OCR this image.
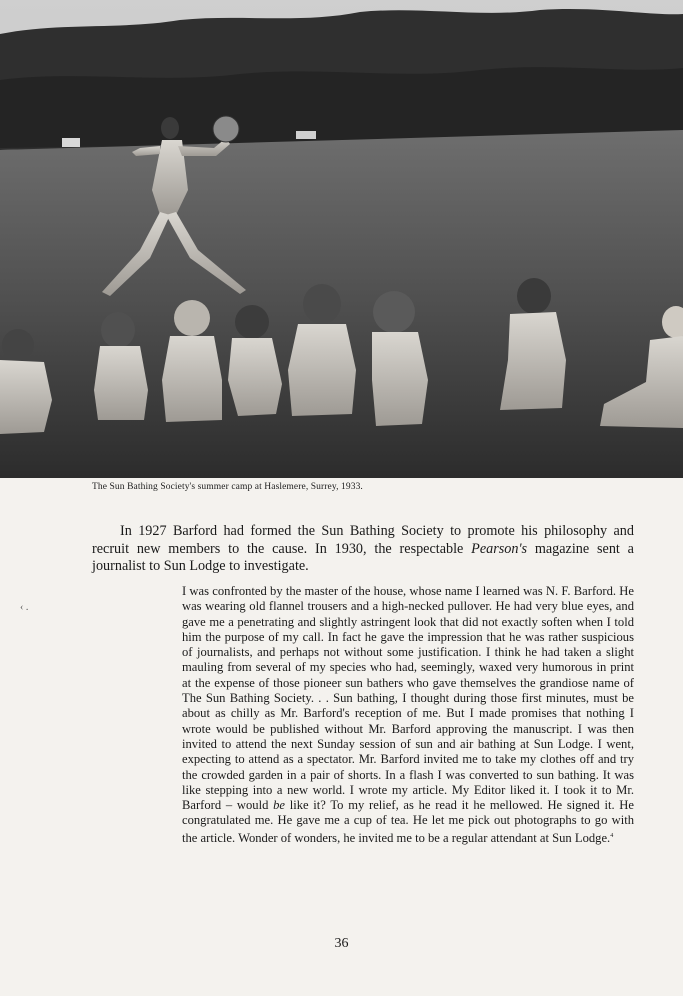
The Sun Bathing Society's summer camp at Haslemere, Surrey, 1933.

In 1927 Barford had formed the Sun Bathing Society to promote his philosophy and recruit new members to the cause. In 1930, the respectable Pearson's magazine sent a journalist to Sun Lodge to investigate.

‹ .

I was confronted by the master of the house, whose name I learned was N. F. Barford. He was wearing old flannel trousers and a high-necked pullover. He had very blue eyes, and gave me a penetrating and slightly astringent look that did not exactly soften when I told him the purpose of my call. In fact he gave the impression that he was rather suspicious of journalists, and perhaps not without some justification. I think he had taken a slight mauling from several of my species who had, seemingly, waxed very humorous in print at the expense of those pioneer sun bathers who gave themselves the grandiose name of The Sun Bathing Society. . . Sun bathing, I thought during those first minutes, must be about as chilly as Mr. Barford's reception of me. But I made promises that nothing I wrote would be published without Mr. Barford approving the manuscript. I was then invited to attend the next Sunday session of sun and air bathing at Sun Lodge. I went, expecting to attend as a spectator. Mr. Barford invited me to take my clothes off and try the crowded garden in a pair of shorts. In a flash I was converted to sun bathing. It was like stepping into a new world. I wrote my article. My Editor liked it. I took it to Mr. Barford – would be like it? To my relief, as he read it he mellowed. He signed it. He congratulated me. He gave me a cup of tea. He let me pick out photographs to go with the article. Wonder of wonders, he invited me to be a regular attendant at Sun Lodge.$^4$

36
